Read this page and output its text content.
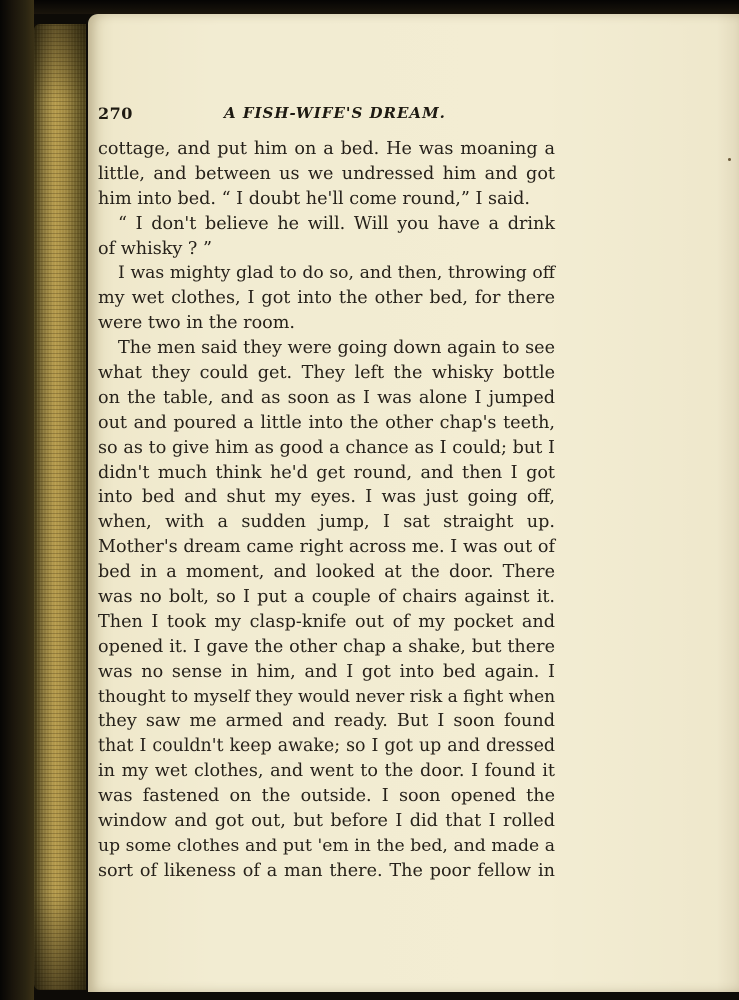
270	A FISH-WIFE'S DREAM.
cottage, and put him on a bed. He was moaning a
little, and between us we undressed him and got
him into bed. “ I doubt he'll come round,” I said.
“ I don't believe he will. Will you have a drink
of whisky ? ”
I was mighty glad to do so, and then, throwing off
my wet clothes, I got into the other bed, for there
were two in the room.
The men said they were going down again to see
what they could get. They left the whisky bottle
on the table, and as soon as I was alone I jumped
out and poured a little into the other chap's teeth,
so as to give him as good a chance as I could; but I
didn't much think he'd get round, and then I got
into bed and shut my eyes. I was just going off,
when, with a sudden jump, I sat straight up.
Mother's dream came right across me. I was out of
bed in a moment, and looked at the door. There
was no bolt, so I put a couple of chairs against it.
Then I took my clasp-knife out of my pocket and
opened it. I gave the other chap a shake, but there
was no sense in him, and I got into bed again. I
thought to myself they would never risk a fight when
they saw me armed and ready. But I soon found
that I couldn't keep awake; so I got up and dressed
in my wet clothes, and went to the door. I found it
was fastened on the outside. I soon opened the
window and got out, but before I did that I rolled
up some clothes and put 'em in the bed, and made a
sort of likeness of a man there. The poor fellow in
